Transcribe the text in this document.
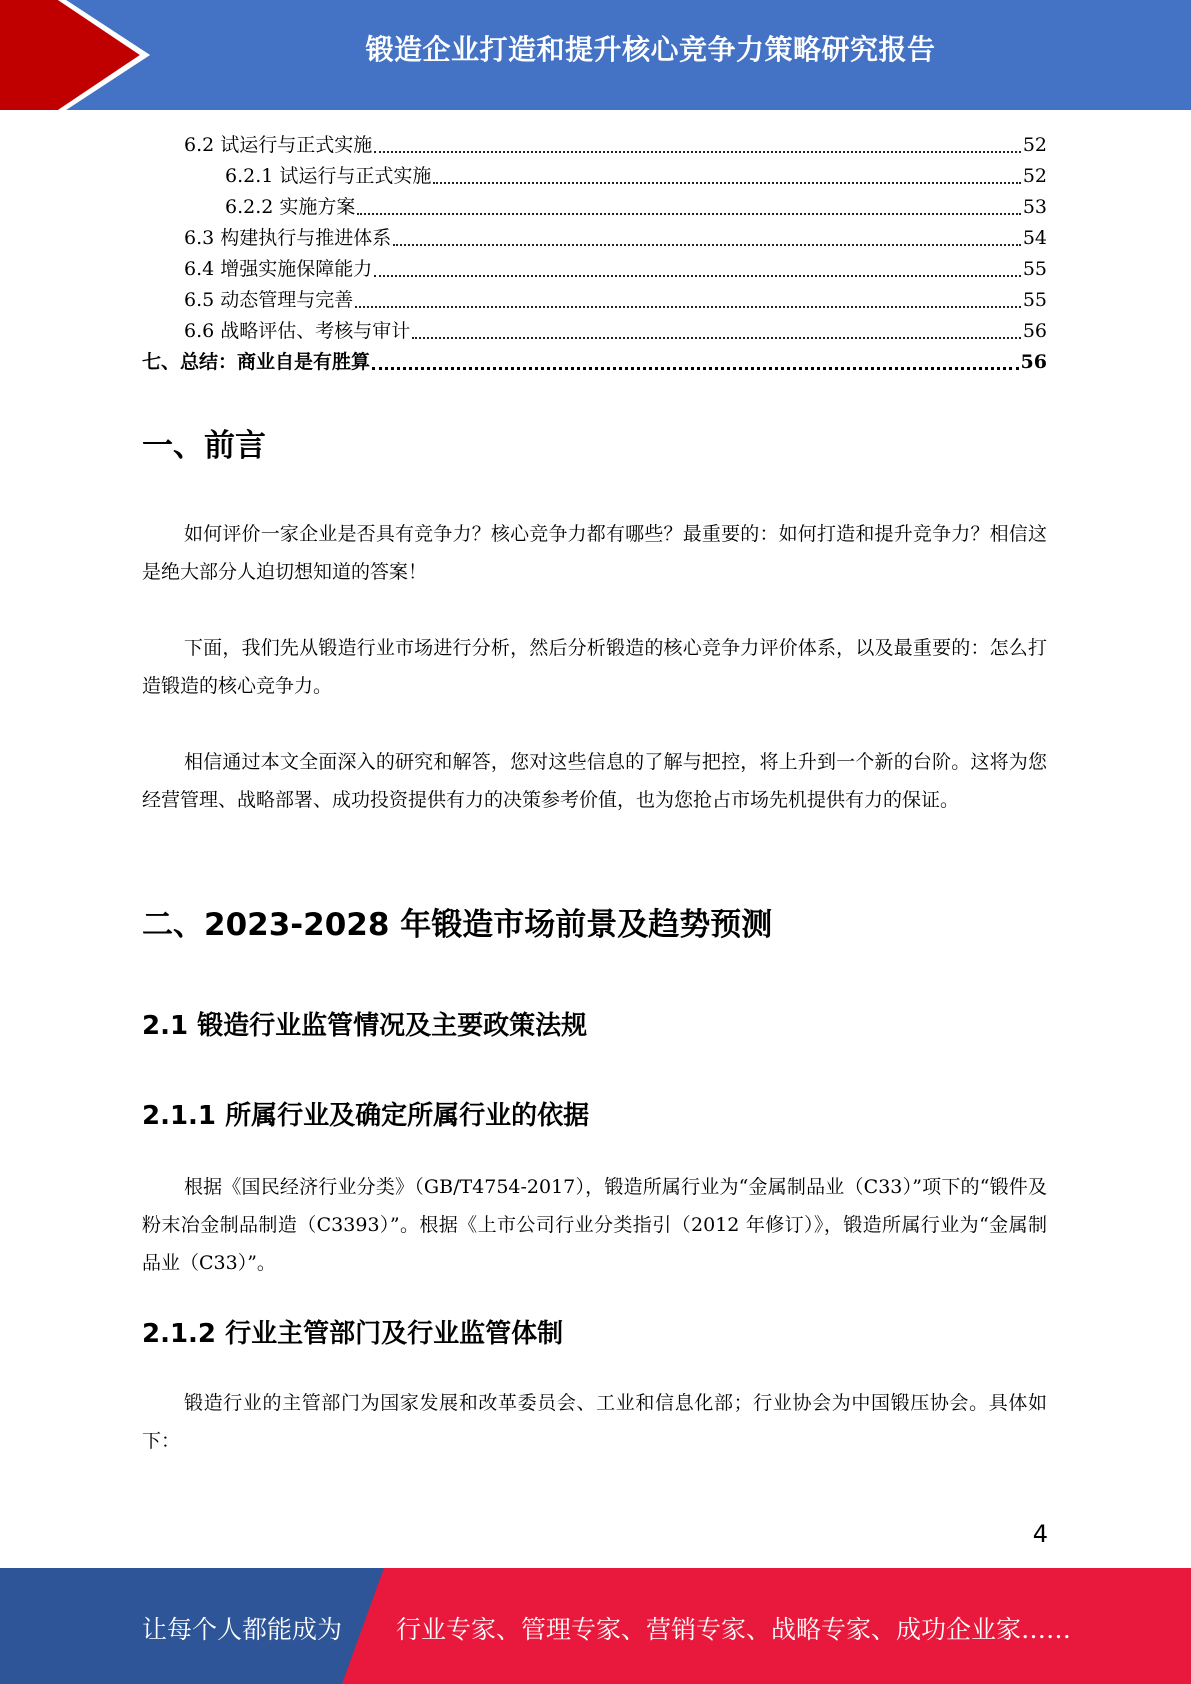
锻造企业打造和提升核心竞争力策略研究报告
6.2 试运行与正式实施	52
6.2.1 试运行与正式实施	52
6.2.2 实施方案	53
6.3 构建执行与推进体系	54
6.4 增强实施保障能力	55
6.5 动态管理与完善	55
6.6 战略评估、考核与审计	56
七、总结：商业自是有胜算	56
一、前言
如何评价一家企业是否具有竞争力？核心竞争力都有哪些？最重要的：如何打造和提升竞争力？相信这是绝大部分人迫切想知道的答案！
下面，我们先从锻造行业市场进行分析，然后分析锻造的核心竞争力评价体系，以及最重要的：怎么打造锻造的核心竞争力。
相信通过本文全面深入的研究和解答，您对这些信息的了解与把控，将上升到一个新的台阶。这将为您经营管理、战略部署、成功投资提供有力的决策参考价值，也为您抢占市场先机提供有力的保证。
二、2023-2028 年锻造市场前景及趋势预测
2.1 锻造行业监管情况及主要政策法规
2.1.1 所属行业及确定所属行业的依据
根据《国民经济行业分类》（GB/T4754-2017），锻造所属行业为“金属制品业（C33）”项下的“锻件及粉末冶金制品制造（C3393）”。根据《上市公司行业分类指引（2012 年修订）》，锻造所属行业为“金属制品业（C33）”。
2.1.2 行业主管部门及行业监管体制
锻造行业的主管部门为国家发展和改革委员会、工业和信息化部；行业协会为中国锻压协会。具体如下：
4
让每个人都能成为 行业专家、管理专家、营销专家、战略专家、成功企业家……
